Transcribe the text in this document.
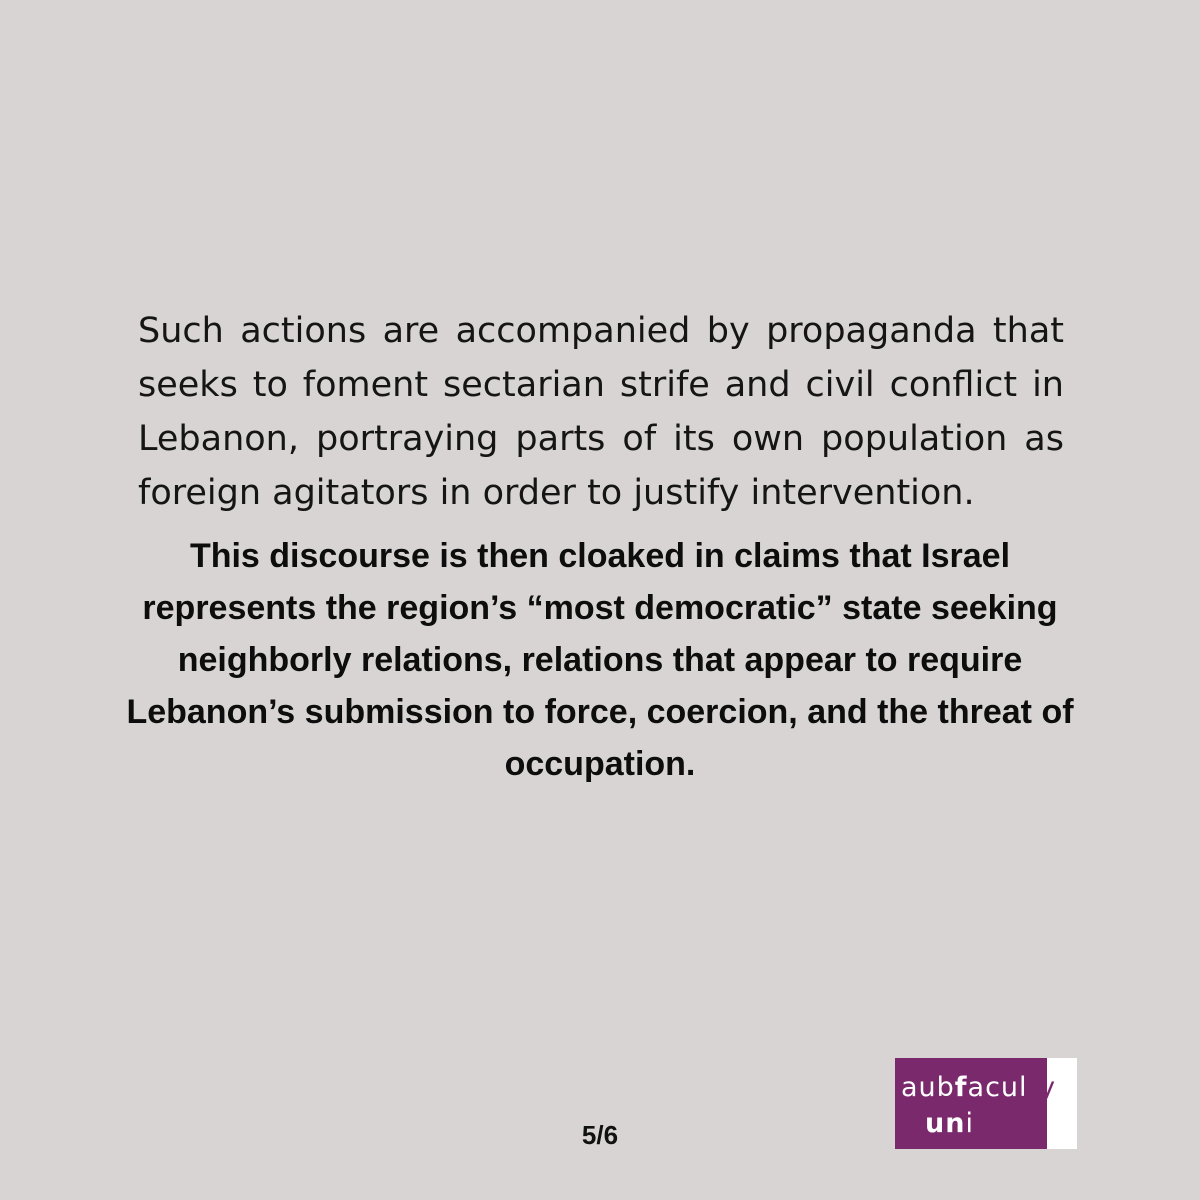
Such actions are accompanied by propaganda that seeks to foment sectarian strife and civil conflict in Lebanon, portraying parts of its own population as foreign agitators in order to justify intervention.
This discourse is then cloaked in claims that Israel represents the region’s “most democratic” state seeking neighborly relations, relations that appear to require Lebanon’s submission to force, coercion, and the threat of occupation.
5/6
aubfaculty
united
